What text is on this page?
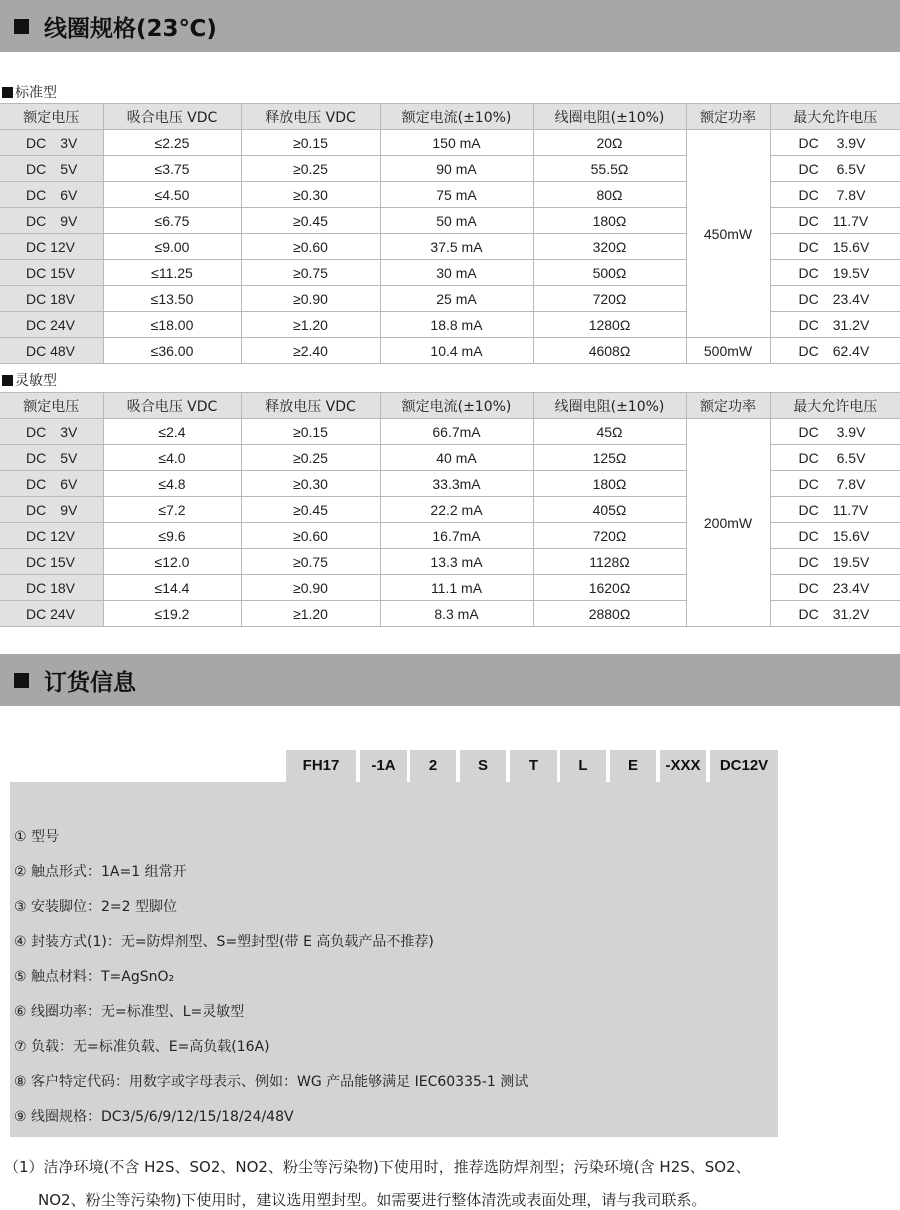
线圈规格(23℃)
标准型
额定电压	吸合电压 VDC	释放电压 VDC	额定电流(±10%)	线圈电阻(±10%)	额定功率	最大允许电压
DC　3V	≤2.25	≥0.15	150 mA	20Ω	450mW	DC　 3.9V
DC　5V	≤3.75	≥0.25	90 mA	55.5Ω		DC　 6.5V
DC　6V	≤4.50	≥0.30	75 mA	80Ω		DC　 7.8V
DC　9V	≤6.75	≥0.45	50 mA	180Ω		DC　11.7V
DC 12V	≤9.00	≥0.60	37.5 mA	320Ω		DC　15.6V
DC 15V	≤11.25	≥0.75	30 mA	500Ω		DC　19.5V
DC 18V	≤13.50	≥0.90	25 mA	720Ω		DC　23.4V
DC 24V	≤18.00	≥1.20	18.8 mA	1280Ω		DC　31.2V
DC 48V	≤36.00	≥2.40	10.4 mA	4608Ω	500mW	DC　62.4V
灵敏型
额定电压	吸合电压 VDC	释放电压 VDC	额定电流(±10%)	线圈电阻(±10%)	额定功率	最大允许电压
DC　3V	≤2.4	≥0.15	66.7mA	45Ω	200mW	DC　 3.9V
DC　5V	≤4.0	≥0.25	40 mA	125Ω		DC　 6.5V
DC　6V	≤4.8	≥0.30	33.3mA	180Ω		DC　 7.8V
DC　9V	≤7.2	≥0.45	22.2 mA	405Ω		DC　11.7V
DC 12V	≤9.6	≥0.60	16.7mA	720Ω		DC　15.6V
DC 15V	≤12.0	≥0.75	13.3 mA	1128Ω		DC　19.5V
DC 18V	≤14.4	≥0.90	11.1 mA	1620Ω		DC　23.4V
DC 24V	≤19.2	≥1.20	8.3 mA	2880Ω		DC　31.2V
订货信息
FH17	-1A	2	S	T	L	E	-XXX	DC12V
① 型号
② 触点形式：1A=1 组常开
③ 安装脚位：2=2 型脚位
④ 封装方式(1)：无=防焊剂型、S=塑封型(带 E 高负载产品不推荐)
⑤ 触点材料：T=AgSnO₂
⑥ 线圈功率：无=标准型、L=灵敏型
⑦ 负载：无=标准负载、E=高负载(16A)
⑧ 客户特定代码：用数字或字母表示、例如：WG 产品能够满足 IEC60335-1 测试
⑨ 线圈规格：DC3/5/6/9/12/15/18/24/48V
（1）洁净环境(不含 H2S、SO2、NO2、粉尘等污染物)下使用时，推荐选防焊剂型；污染环境(含 H2S、SO2、
NO2、粉尘等污染物)下使用时，建议选用塑封型。如需要进行整体清洗或表面处理，请与我司联系。
